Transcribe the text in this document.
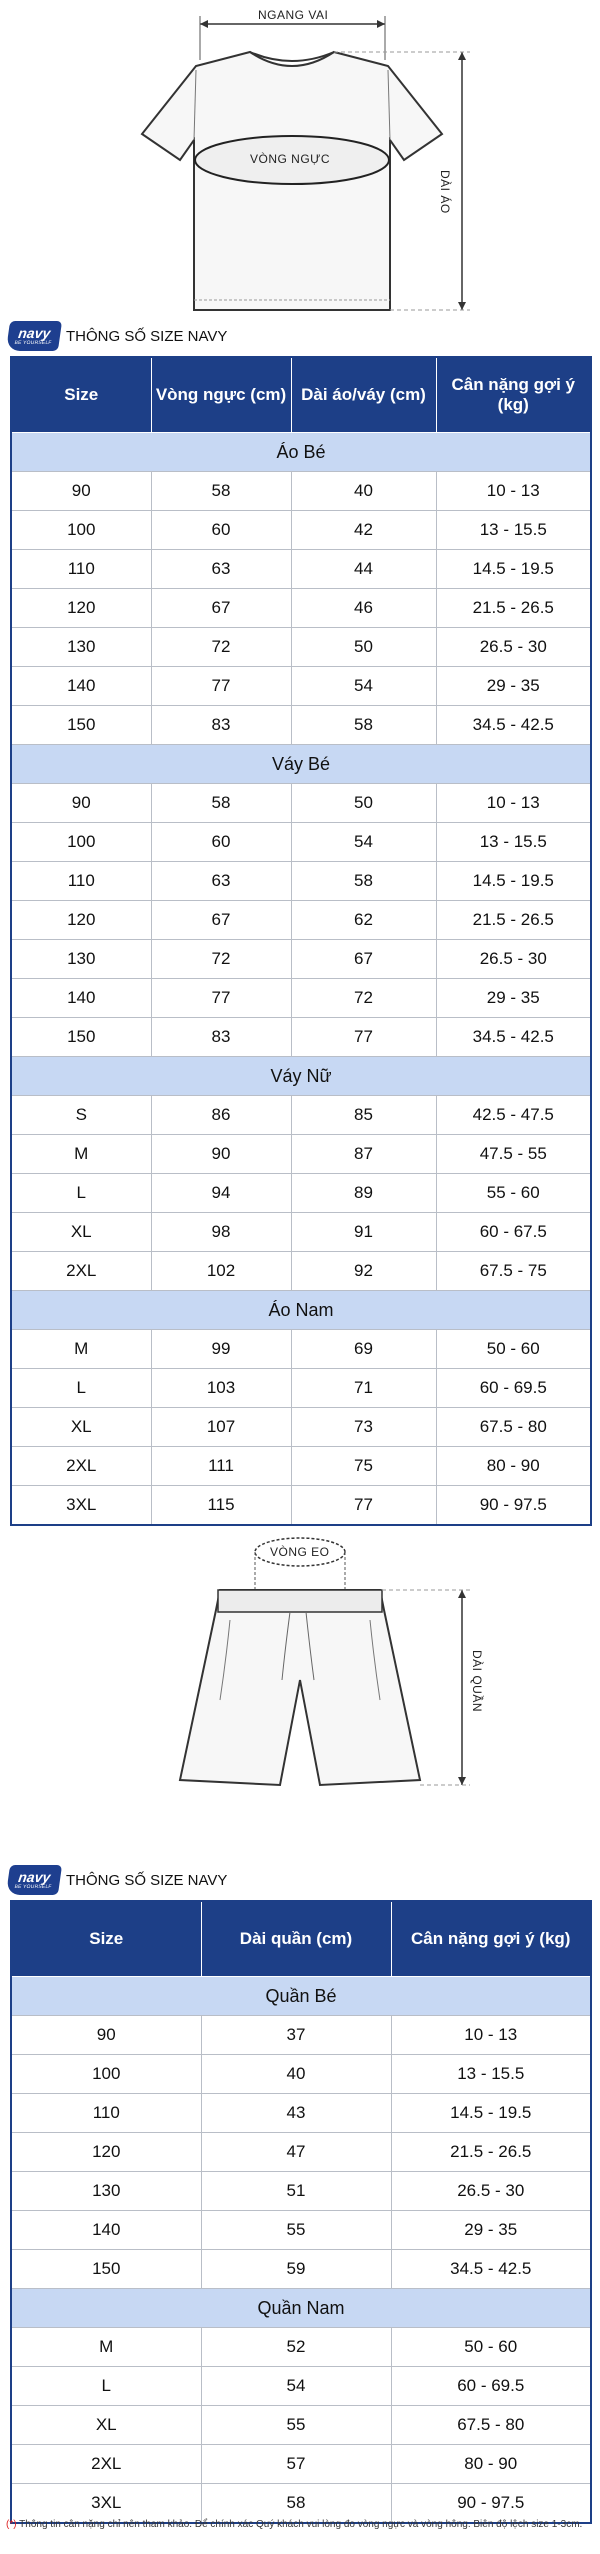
NGANG VAI
VÒNG NGỰC
DÀI ÁO
navy
BE YOURSELF THÔNG SỐ SIZE NAVY
Size	Vòng ngực (cm)	Dài áo/váy (cm)	Cân nặng gợi ý (kg)
Áo Bé			
90	58	40	10 - 13
100	60	42	13 - 15.5
110	63	44	14.5 - 19.5
120	67	46	21.5 - 26.5
130	72	50	26.5 - 30
140	77	54	29 - 35
150	83	58	34.5 - 42.5
Váy Bé			
90	58	50	10 - 13
100	60	54	13 - 15.5
110	63	58	14.5 - 19.5
120	67	62	21.5 - 26.5
130	72	67	26.5 - 30
140	77	72	29 - 35
150	83	77	34.5 - 42.5
Váy Nữ			
S	86	85	42.5 - 47.5
M	90	87	47.5 - 55
L	94	89	55 - 60
XL	98	91	60 - 67.5
2XL	102	92	67.5 - 75
Áo Nam			
M	99	69	50 - 60
L	103	71	60 - 69.5
XL	107	73	67.5 - 80
2XL	111	75	80 - 90
3XL	115	77	90 - 97.5
VÒNG EO
DÀI QUẦN
navy
BE YOURSELF THÔNG SỐ SIZE NAVY
Size	Dài quần (cm)	Cân nặng gợi ý (kg)
Quần Bé		
90	37	10 - 13
100	40	13 - 15.5
110	43	14.5 - 19.5
120	47	21.5 - 26.5
130	51	26.5 - 30
140	55	29 - 35
150	59	34.5 - 42.5
Quần Nam		
M	52	50 - 60
L	54	60 - 69.5
XL	55	67.5 - 80
2XL	57	80 - 90
3XL	58	90 - 97.5
(*) Thông tin cân nặng chỉ nên tham khảo. Để chính xác Quý khách vui lòng đo vòng ngực và vòng hông. Biên độ lệch size 1-3cm.
